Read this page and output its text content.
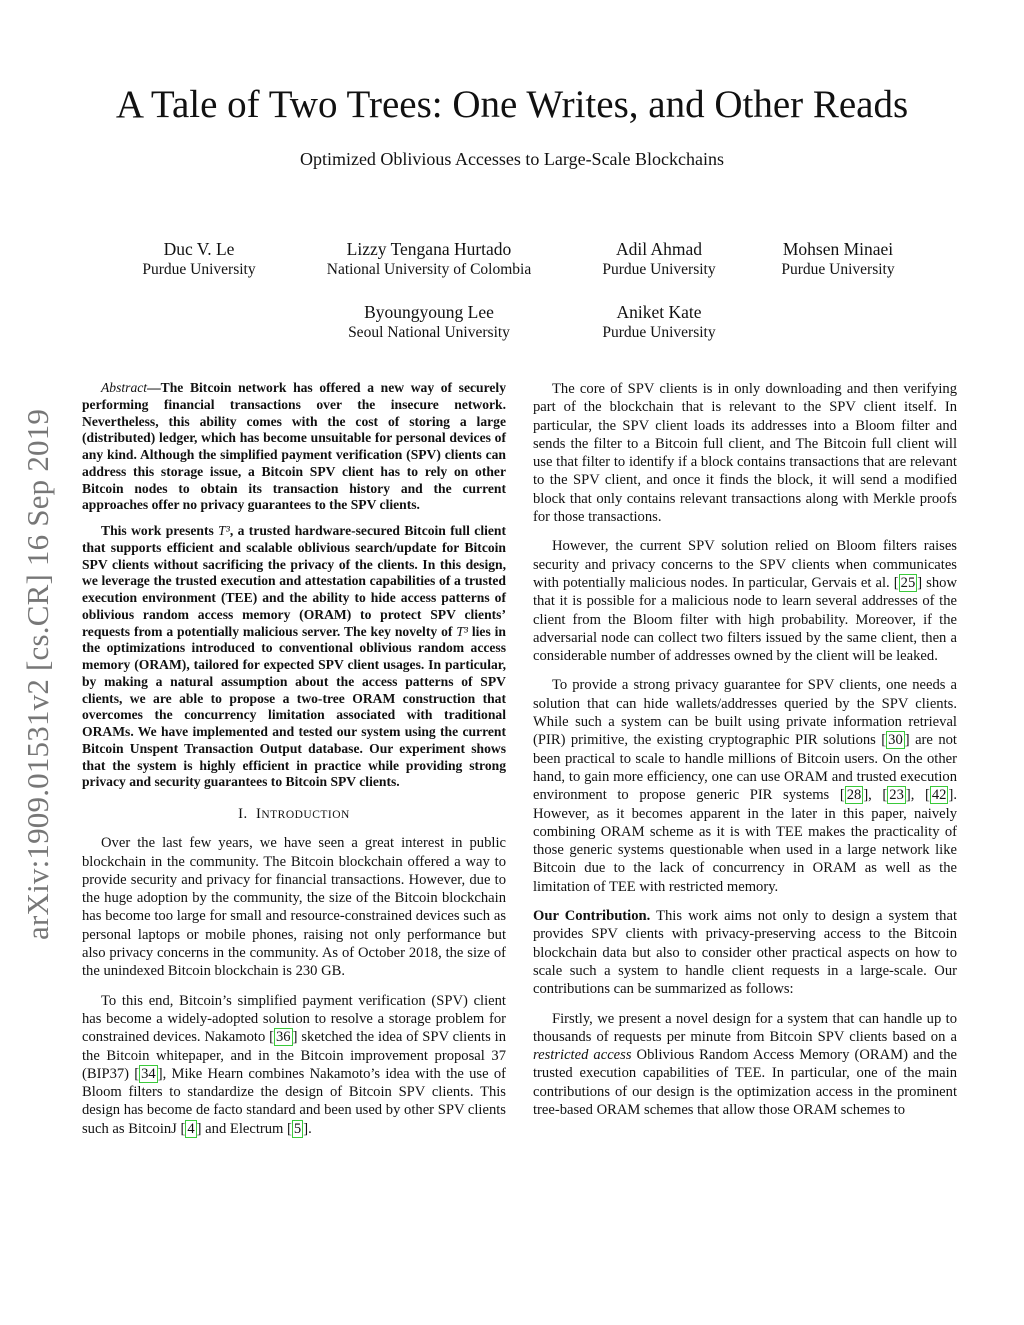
A Tale of Two Trees: One Writes, and Other Reads
Optimized Oblivious Accesses to Large-Scale Blockchains
Duc V. Le
Purdue University
Lizzy Tengana Hurtado
National University of Colombia
Adil Ahmad
Purdue University
Mohsen Minaei
Purdue University
Byoungyoung Lee
Seoul National University
Aniket Kate
Purdue University
arXiv:1909.01531v2 [cs.CR] 16 Sep 2019

Abstract—The Bitcoin network has offered a new way of securely performing financial transactions over the insecure network. Nevertheless, this ability comes with the cost of storing a large (distributed) ledger, which has become unsuitable for personal devices of any kind. Although the simplified payment verification (SPV) clients can address this storage issue, a Bitcoin SPV client has to rely on other Bitcoin nodes to obtain its transaction history and the current approaches offer no privacy guarantees to the SPV clients.

This work presents T³, a trusted hardware-secured Bitcoin full client that supports efficient and scalable oblivious search/update for Bitcoin SPV clients without sacrificing the privacy of the clients. In this design, we leverage the trusted execution and attestation capabilities of a trusted execution environment (TEE) and the ability to hide access patterns of oblivious random access memory (ORAM) to protect SPV clients’ requests from a potentially malicious server. The key novelty of T³ lies in the optimizations introduced to conventional oblivious random access memory (ORAM), tailored for expected SPV client usages. In particular, by making a natural assumption about the access patterns of SPV clients, we are able to propose a two-tree ORAM construction that overcomes the concurrency limitation associated with traditional ORAMs. We have implemented and tested our system using the current Bitcoin Unspent Transaction Output database. Our experiment shows that the system is highly efficient in practice while providing strong privacy and security guarantees to Bitcoin SPV clients.

I. INTRODUCTION

Over the last few years, we have seen a great interest in public blockchain in the community. The Bitcoin blockchain offered a way to provide security and privacy for financial transactions. However, due to the huge adoption by the community, the size of the Bitcoin blockchain has become too large for small and resource-constrained devices such as personal laptops or mobile phones, raising not only performance but also privacy concerns in the community. As of October 2018, the size of the unindexed Bitcoin blockchain is 230 GB.

To this end, Bitcoin’s simplified payment verification (SPV) client has become a widely-adopted solution to resolve a storage problem for constrained devices. Nakamoto [ 36 ] sketched the idea of SPV clients in the Bitcoin whitepaper, and in the Bitcoin improvement proposal 37 (BIP37) [ 34 ], Mike Hearn combines Nakamoto’s idea with the use of Bloom filters to standardize the design of Bitcoin SPV clients. This design has become de facto standard and been used by other SPV clients such as BitcoinJ [ 4 ] and Electrum [ 5 ].

The core of SPV clients is in only downloading and then verifying part of the blockchain that is relevant to the SPV client itself. In particular, the SPV client loads its addresses into a Bloom filter and sends the filter to a Bitcoin full client, and The Bitcoin full client will use that filter to identify if a block contains transactions that are relevant to the SPV client, and once it finds the block, it will send a modified block that only contains relevant transactions along with Merkle proofs for those transactions.

However, the current SPV solution relied on Bloom filters raises security and privacy concerns to the SPV clients when communicates with potentially malicious nodes. In particular, Gervais et al. [ 25 ] show that it is possible for a malicious node to learn several addresses of the client from the Bloom filter with high probability. Moreover, if the adversarial node can collect two filters issued by the same client, then a considerable number of addresses owned by the client will be leaked.

To provide a strong privacy guarantee for SPV clients, one needs a solution that can hide wallets/addresses queried by the SPV clients. While such a system can be built using private information retrieval (PIR) primitive, the existing cryptographic PIR solutions [ 30 ] are not been practical to scale to handle millions of Bitcoin users. On the other hand, to gain more efficiency, one can use ORAM and trusted execution environment to propose generic PIR systems [ 28 ], [ 23 ], [ 42 ]. However, as it becomes apparent in the later in this paper, naively combining ORAM scheme as it is with TEE makes the practicality of those generic systems questionable when used in a large network like Bitcoin due to the lack of concurrency in ORAM as well as the limitation of TEE with restricted memory.

Our Contribution. This work aims not only to design a system that provides SPV clients with privacy-preserving access to the Bitcoin blockchain data but also to consider other practical aspects on how to scale such a system to handle client requests in a large-scale. Our contributions can be summarized as follows:

Firstly, we present a novel design for a system that can handle up to thousands of requests per minute from Bitcoin SPV clients based on a restricted access Oblivious Random Access Memory (ORAM) and the trusted execution capabilities of TEE. In particular, one of the main contributions of our design is the optimization access in the prominent tree-based ORAM schemes that allow those ORAM schemes to
